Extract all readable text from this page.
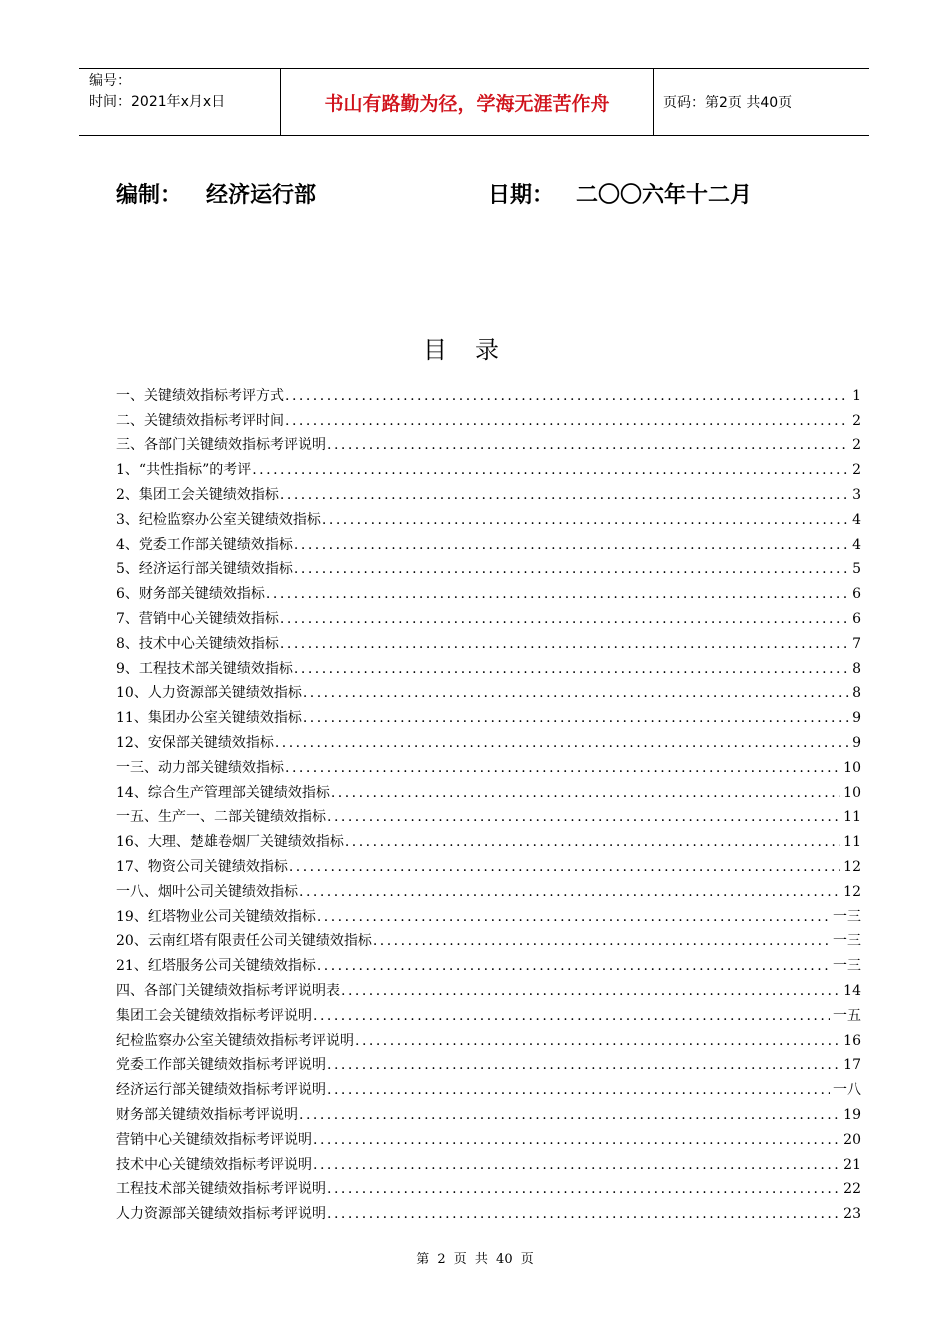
编号：
时间：2021年x月x日	书山有路勤为径，学海无涯苦作舟	页码：第2页 共40页
编制： 经济运行部	日期： 二〇〇六年十二月
目录
一、关键绩效指标考评方式 .....	1
二、关键绩效指标考评时间 .....	2
三、各部门关键绩效指标考评说明 .....	2
1、“共性指标”的考评 .....	2
2、集团工会关键绩效指标 .....	3
3、纪检监察办公室关键绩效指标 .....	4
4、党委工作部关键绩效指标 .....	4
5、经济运行部关键绩效指标 .....	5
6、财务部关键绩效指标 .....	6
7、营销中心关键绩效指标 .....	6
8、技术中心关键绩效指标 .....	7
9、工程技术部关键绩效指标 .....	8
10、人力资源部关键绩效指标 .....	8
11、集团办公室关键绩效指标 .....	9
12、安保部关键绩效指标 .....	9
一三、动力部关键绩效指标 .....	10
14、综合生产管理部关键绩效指标 .....	10
一五、生产一、二部关键绩效指标 .....	11
16、大理、楚雄卷烟厂关键绩效指标 .....	11
17、物资公司关键绩效指标 .....	12
一八、烟叶公司关键绩效指标 .....	12
19、红塔物业公司关键绩效指标 .....	一三
20、云南红塔有限责任公司关键绩效指标 .....	一三
21、红塔服务公司关键绩效指标 .....	一三
四、各部门关键绩效指标考评说明表 .....	14
集团工会关键绩效指标考评说明 .....	一五
纪检监察办公室关键绩效指标考评说明 .....	16
党委工作部关键绩效指标考评说明 .....	17
经济运行部关键绩效指标考评说明 .....	一八
财务部关键绩效指标考评说明 .....	19
营销中心关键绩效指标考评说明 .....	20
技术中心关键绩效指标考评说明 .....	21
工程技术部关键绩效指标考评说明 .....	22
人力资源部关键绩效指标考评说明 .....	23
第 2 页 共 40 页
